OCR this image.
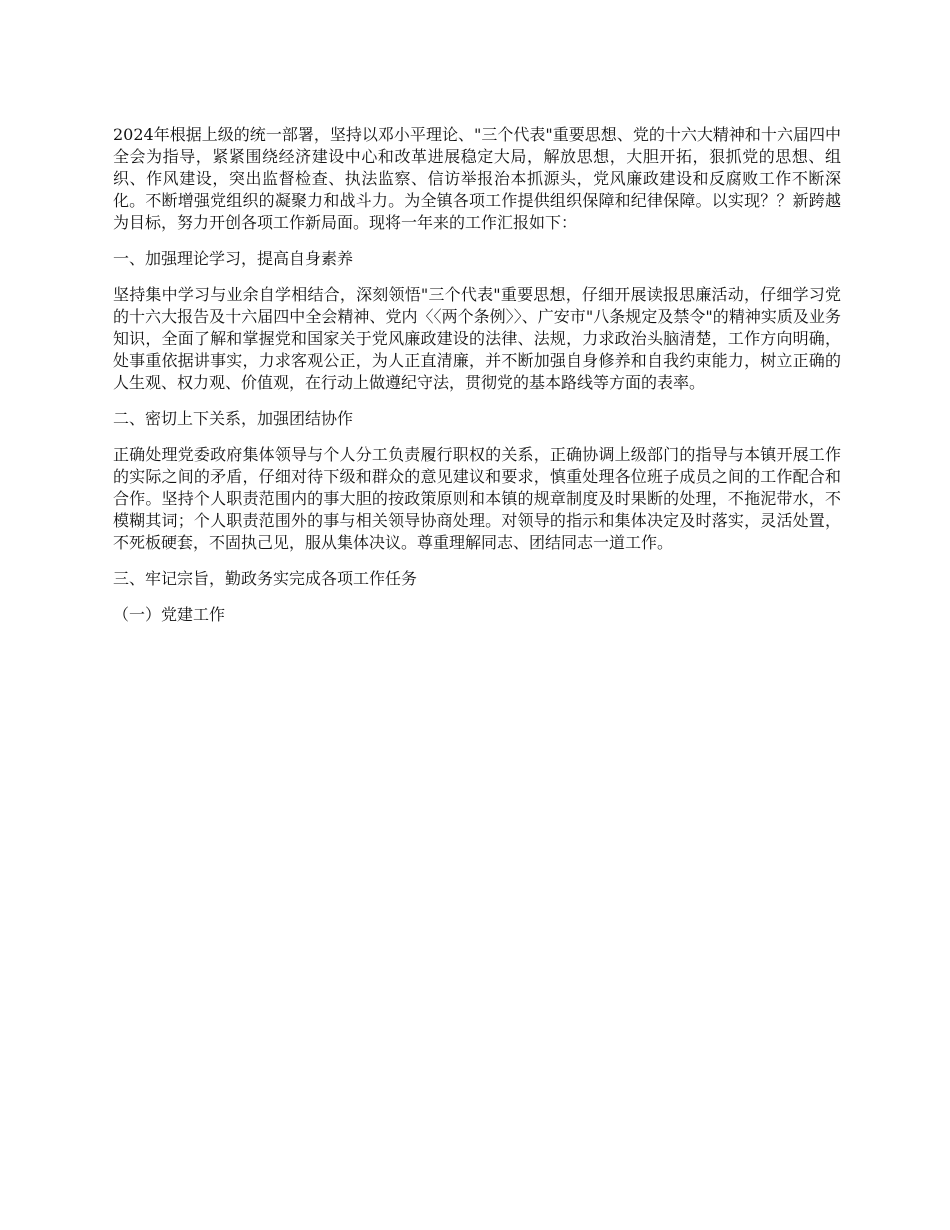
2024年根据上级的统一部署，坚持以邓小平理论、"三个代表"重要思想、党的十六大精神和十六届四中全会为指导，紧紧围绕经济建设中心和改革进展稳定大局，解放思想，大胆开拓，狠抓党的思想、组织、作风建设，突出监督检查、执法监察、信访举报治本抓源头，党风廉政建设和反腐败工作不断深化。不断增强党组织的凝聚力和战斗力。为全镇各项工作提供组织保障和纪律保障。以实现？？新跨越为目标，努力开创各项工作新局面。现将一年来的工作汇报如下：

一、加强理论学习，提高自身素养

坚持集中学习与业余自学相结合，深刻领悟"三个代表"重要思想，仔细开展读报思廉活动，仔细学习党的十六大报告及十六届四中全会精神、党内〈〈两个条例〉〉、广安市"八条规定及禁令"的精神实质及业务知识，全面了解和掌握党和国家关于党风廉政建设的法律、法规，力求政治头脑清楚，工作方向明确，处事重依据讲事实，力求客观公正，为人正直清廉，并不断加强自身修养和自我约束能力，树立正确的人生观、权力观、价值观，在行动上做遵纪守法，贯彻党的基本路线等方面的表率。

二、密切上下关系，加强团结协作

正确处理党委政府集体领导与个人分工负责履行职权的关系，正确协调上级部门的指导与本镇开展工作的实际之间的矛盾，仔细对待下级和群众的意见建议和要求，慎重处理各位班子成员之间的工作配合和合作。坚持个人职责范围内的事大胆的按政策原则和本镇的规章制度及时果断的处理，不拖泥带水，不模糊其词；个人职责范围外的事与相关领导协商处理。对领导的指示和集体决定及时落实，灵活处置，不死板硬套，不固执己见，服从集体决议。尊重理解同志、团结同志一道工作。

三、牢记宗旨，勤政务实完成各项工作任务

（一）党建工作
